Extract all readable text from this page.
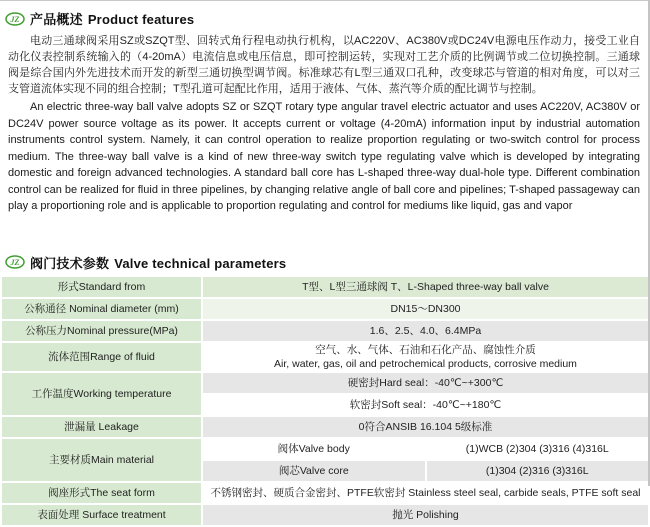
JZ 产品概述 Product features

电动三通球阀采用SZ或SZQT型、回转式角行程电动执行机构，以AC220V、AC380V或DC24V电源电压作动力，接受工业自动化仪表控制系统输入的（4-20mA）电流信息或电压信息，即可控制运转，实现对工艺介质的比例调节或二位切换控制。三通球阀是综合国内外先进技术而开发的新型三通切换型调节阀。标准球芯有L型三通双口孔种，改变球芯与管道的相对角度，可以对三支管道流体实现不同的组合控制；T型孔道可起配比作用，适用于液体、气体、蒸汽等介质的配比调节与控制。

An electric three-way ball valve adopts SZ or SZQT rotary type angular travel electric actuator and uses AC220V, AC380V or DC24V power source voltage as its power. It accepts current or voltage (4-20mA) information input by industrial automation instruments control system. Namely, it can control operation to realize proportion regulating or two-switch control for process medium. The three-way ball valve is a kind of new three-way switch type regulating valve which is developed by integrating domestic and foreign advanced technologies. A standard ball core has L-shaped three-way dual-hole type. Different combination control can be realized for fluid in three pipelines, by changing relative angle of ball core and pipelines; T-shaped passageway can play a proportioning role and is applicable to proportion regulating and control for mediums like liquid, gas and vapor

JZ 阀门技术参数 Valve technical parameters
形式Standard from	T型、L型三通球阀 T、L-Shaped three-way ball valve	
公称通径 Nominal diameter (mm)	DN15～DN300	
公称压力Nominal pressure(MPa)	1.6、2.5、4.0、6.4MPa	
流体范围Range of fluid	空气、水、气体、石油和石化产品、腐蚀性介质
Air, water, gas, oil and petrochemical products, corrosive medium	

工作温度Working temperature	硬密封Hard seal：-40℃~+300℃	
	软密封Soft seal：-40℃~+180℃	
泄漏量 Leakage	0符合ANSIB 16.104 5级标准	
主要材质Main material	阀体Valve body	(1)WCB (2)304 (3)316 (4)316L
	阀芯Valve core	(1)304 (2)316 (3)316L
阀座形式The seat form	不锈钢密封、硬质合金密封、PTFE软密封 Stainless steel seal, carbide seals, PTFE soft seal	
表面处理 Surface treatment	抛光 Polishing	
